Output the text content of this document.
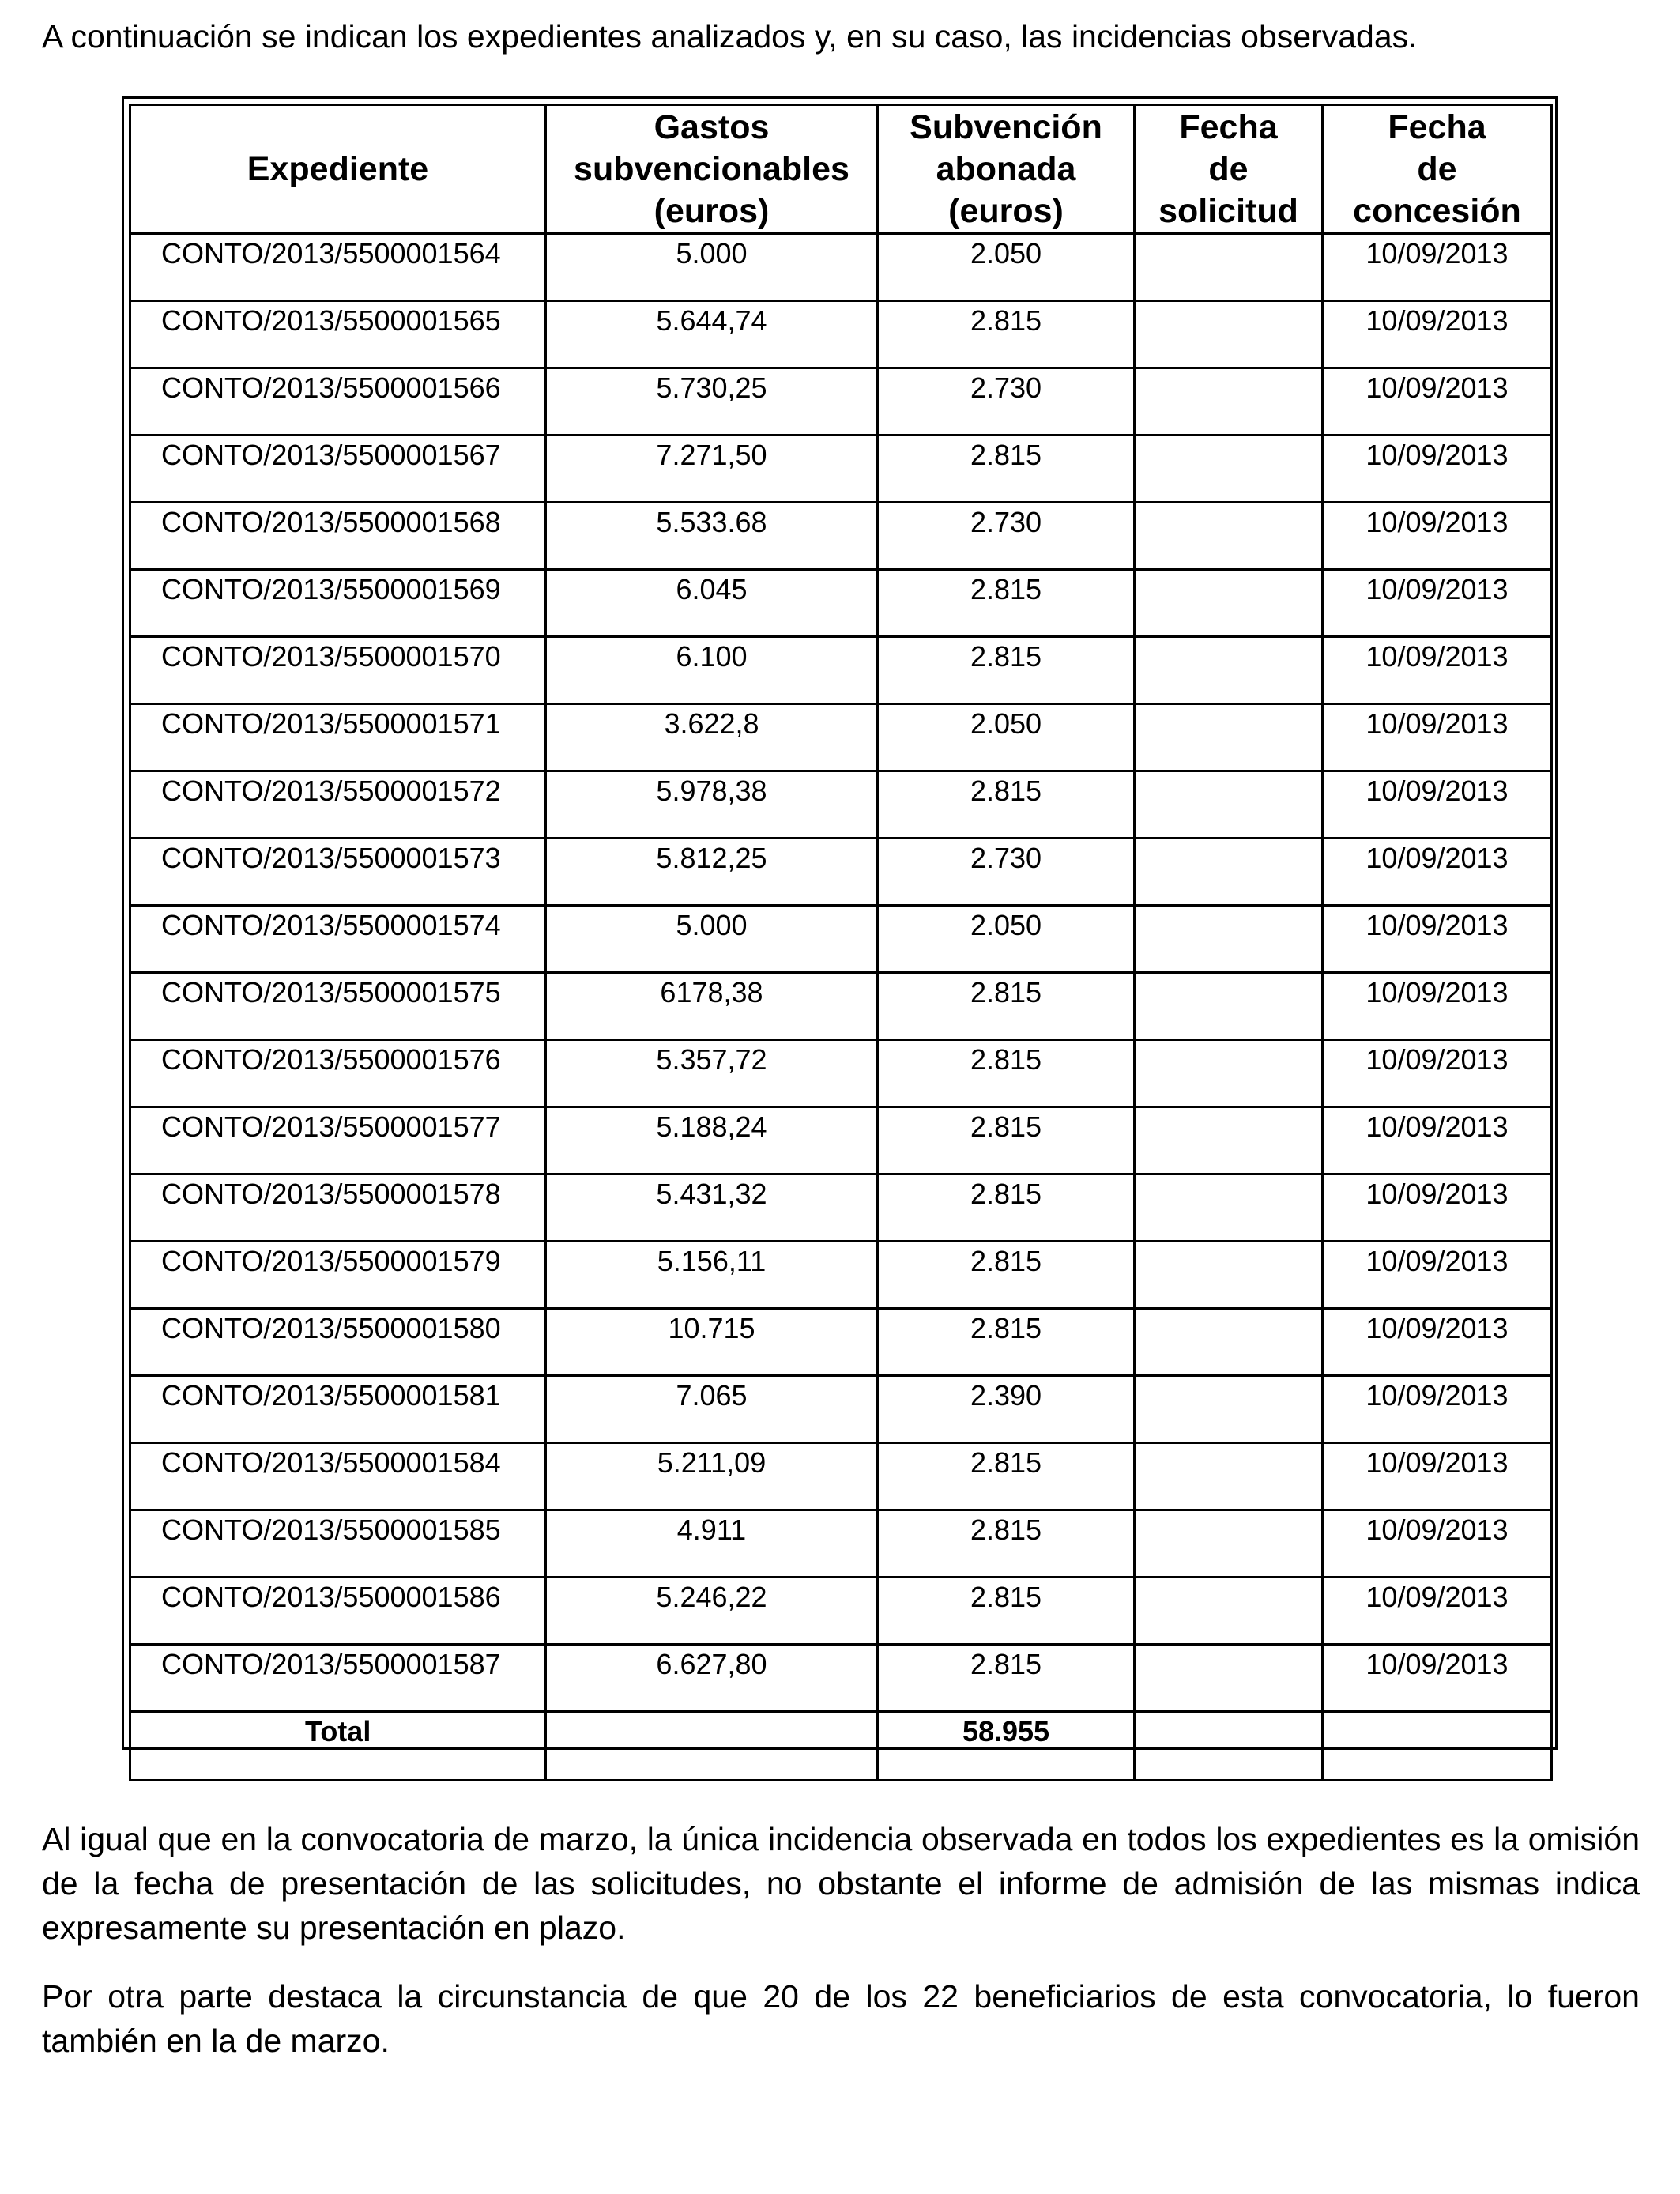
A continuación se indican los expedientes analizados y, en su caso, las incidencias observadas.

Expediente	Gastos
subvencionables
(euros)	Subvención
abonada
(euros)	Fecha
de
solicitud	Fecha
de
concesión

CONTO/2013/5500001564	5.000	2.050		10/09/2013
CONTO/2013/5500001565	5.644,74	2.815		10/09/2013
CONTO/2013/5500001566	5.730,25	2.730		10/09/2013
CONTO/2013/5500001567	7.271,50	2.815		10/09/2013
CONTO/2013/5500001568	5.533.68	2.730		10/09/2013
CONTO/2013/5500001569	6.045	2.815		10/09/2013
CONTO/2013/5500001570	6.100	2.815		10/09/2013
CONTO/2013/5500001571	3.622,8	2.050		10/09/2013
CONTO/2013/5500001572	5.978,38	2.815		10/09/2013
CONTO/2013/5500001573	5.812,25	2.730		10/09/2013
CONTO/2013/5500001574	5.000	2.050		10/09/2013
CONTO/2013/5500001575	6178,38	2.815		10/09/2013
CONTO/2013/5500001576	5.357,72	2.815		10/09/2013
CONTO/2013/5500001577	5.188,24	2.815		10/09/2013
CONTO/2013/5500001578	5.431,32	2.815		10/09/2013
CONTO/2013/5500001579	5.156,11	2.815		10/09/2013
CONTO/2013/5500001580	10.715	2.815		10/09/2013
CONTO/2013/5500001581	7.065	2.390		10/09/2013
CONTO/2013/5500001584	5.211,09	2.815		10/09/2013
CONTO/2013/5500001585	4.911	2.815		10/09/2013
CONTO/2013/5500001586	5.246,22	2.815		10/09/2013
CONTO/2013/5500001587	6.627,80	2.815		10/09/2013
Total		58.955		

Al igual que en la convocatoria de marzo, la única incidencia observada en todos los expedientes es la omisión de la fecha de presentación de las solicitudes, no obstante el informe de admisión de las mismas indica expresamente su presentación en plazo.

Por otra parte destaca la circunstancia de que 20 de los 22 beneficiarios de esta convocatoria, lo fueron también en la de marzo.
